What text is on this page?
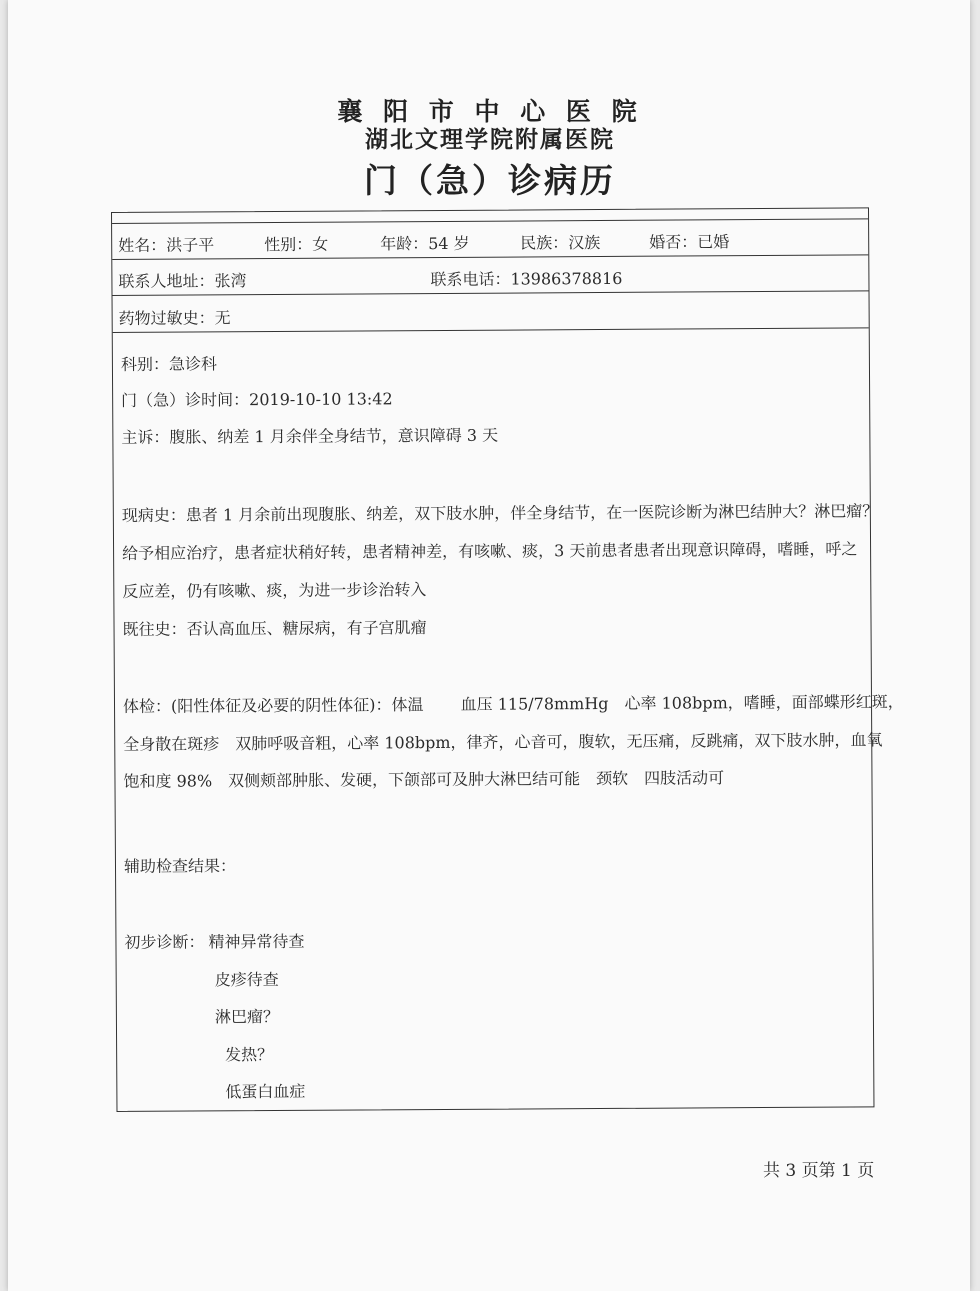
襄 阳 市 中 心 医 院
湖北文理学院附属医院
门（急）诊病历
姓名：洪子平	性别：女	年龄：54 岁	民族：汉族	婚否：已婚
联系人地址：张湾	联系电话：13986378816
药物过敏史：无
科别：急诊科
门（急）诊时间：2019-10-10 13:42
主诉：腹胀、纳差 1 月余伴全身结节，意识障碍 3 天
现病史：患者 1 月余前出现腹胀、纳差，双下肢水肿，伴全身结节，在一医院诊断为淋巴结肿大？淋巴瘤？
给予相应治疗，患者症状稍好转，患者精神差，有咳嗽、痰，3 天前患者患者出现意识障碍，嗜睡，呼之
反应差，仍有咳嗽、痰，为进一步诊治转入
既往史：否认高血压、糖尿病，有子宫肌瘤
体检：(阳性体征及必要的阴性体征)：体温　　 血压 115/78mmHg　心率 108bpm，嗜睡，面部蝶形红斑，
全身散在斑疹　双肺呼吸音粗，心率 108bpm，律齐，心音可，腹软，无压痛，反跳痛，双下肢水肿，血氧
饱和度 98%　双侧颊部肿胀、发硬，下颌部可及肿大淋巴结可能　颈软　四肢活动可
辅助检查结果：
初步诊断： 精神异常待查
皮疹待查
淋巴瘤？
发热？
低蛋白血症
共 3 页第 1 页
